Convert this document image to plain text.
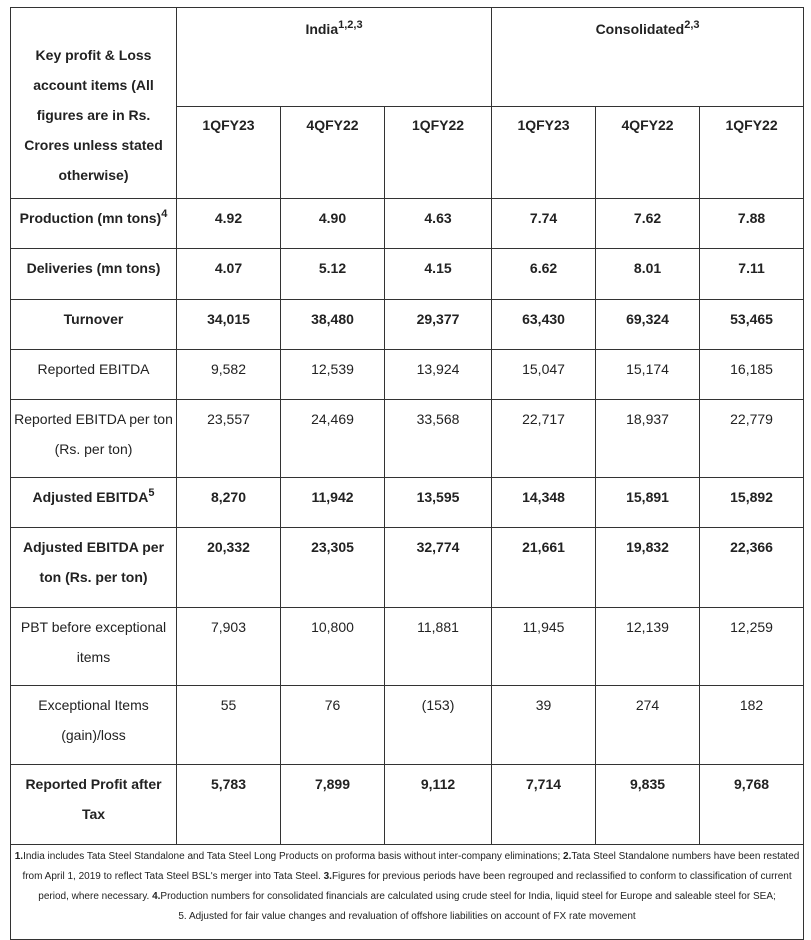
Key profit & Loss account items (All figures are in Rs. Crores unless stated otherwise)	India$^{1,2,3}$			Consolidated$^{2,3}$
	1QFY23	4QFY22	1QFY22	1QFY23	4QFY22	1QFY22
Production (mn tons)$^4$	4.92	4.90	4.63	7.74	7.62	7.88
Deliveries (mn tons)	4.07	5.12	4.15	6.62	8.01	7.11
Turnover	34,015	38,480	29,377	63,430	69,324	53,465
Reported EBITDA	9,582	12,539	13,924	15,047	15,174	16,185
Reported EBITDA per ton (Rs. per ton)	23,557	24,469	33,568	22,717	18,937	22,779
Adjusted EBITDA$^5$	8,270	11,942	13,595	14,348	15,891	15,892
Adjusted EBITDA per ton (Rs. per ton)	20,332	23,305	32,774	21,661	19,832	22,366
PBT before exceptional items	7,903	10,800	11,881	11,945	12,139	12,259
Exceptional Items (gain)/loss	55	76	(153)	39	274	182
Reported Profit after Tax	5,783	7,899	9,112	7,714	9,835	9,768
1.India includes Tata Steel Standalone and Tata Steel Long Products on proforma basis without inter-company eliminations; 2.Tata Steel Standalone numbers have been restated from April 1, 2019 to reflect Tata Steel BSL's merger into Tata Steel. 3.Figures for previous periods have been regrouped and reclassified to conform to classification of current period, where necessary. 4.Production numbers for consolidated financials are calculated using crude steel for India, liquid steel for Europe and saleable steel for SEA;
5. Adjusted for fair value changes and revaluation of offshore liabilities on account of FX rate movement						
